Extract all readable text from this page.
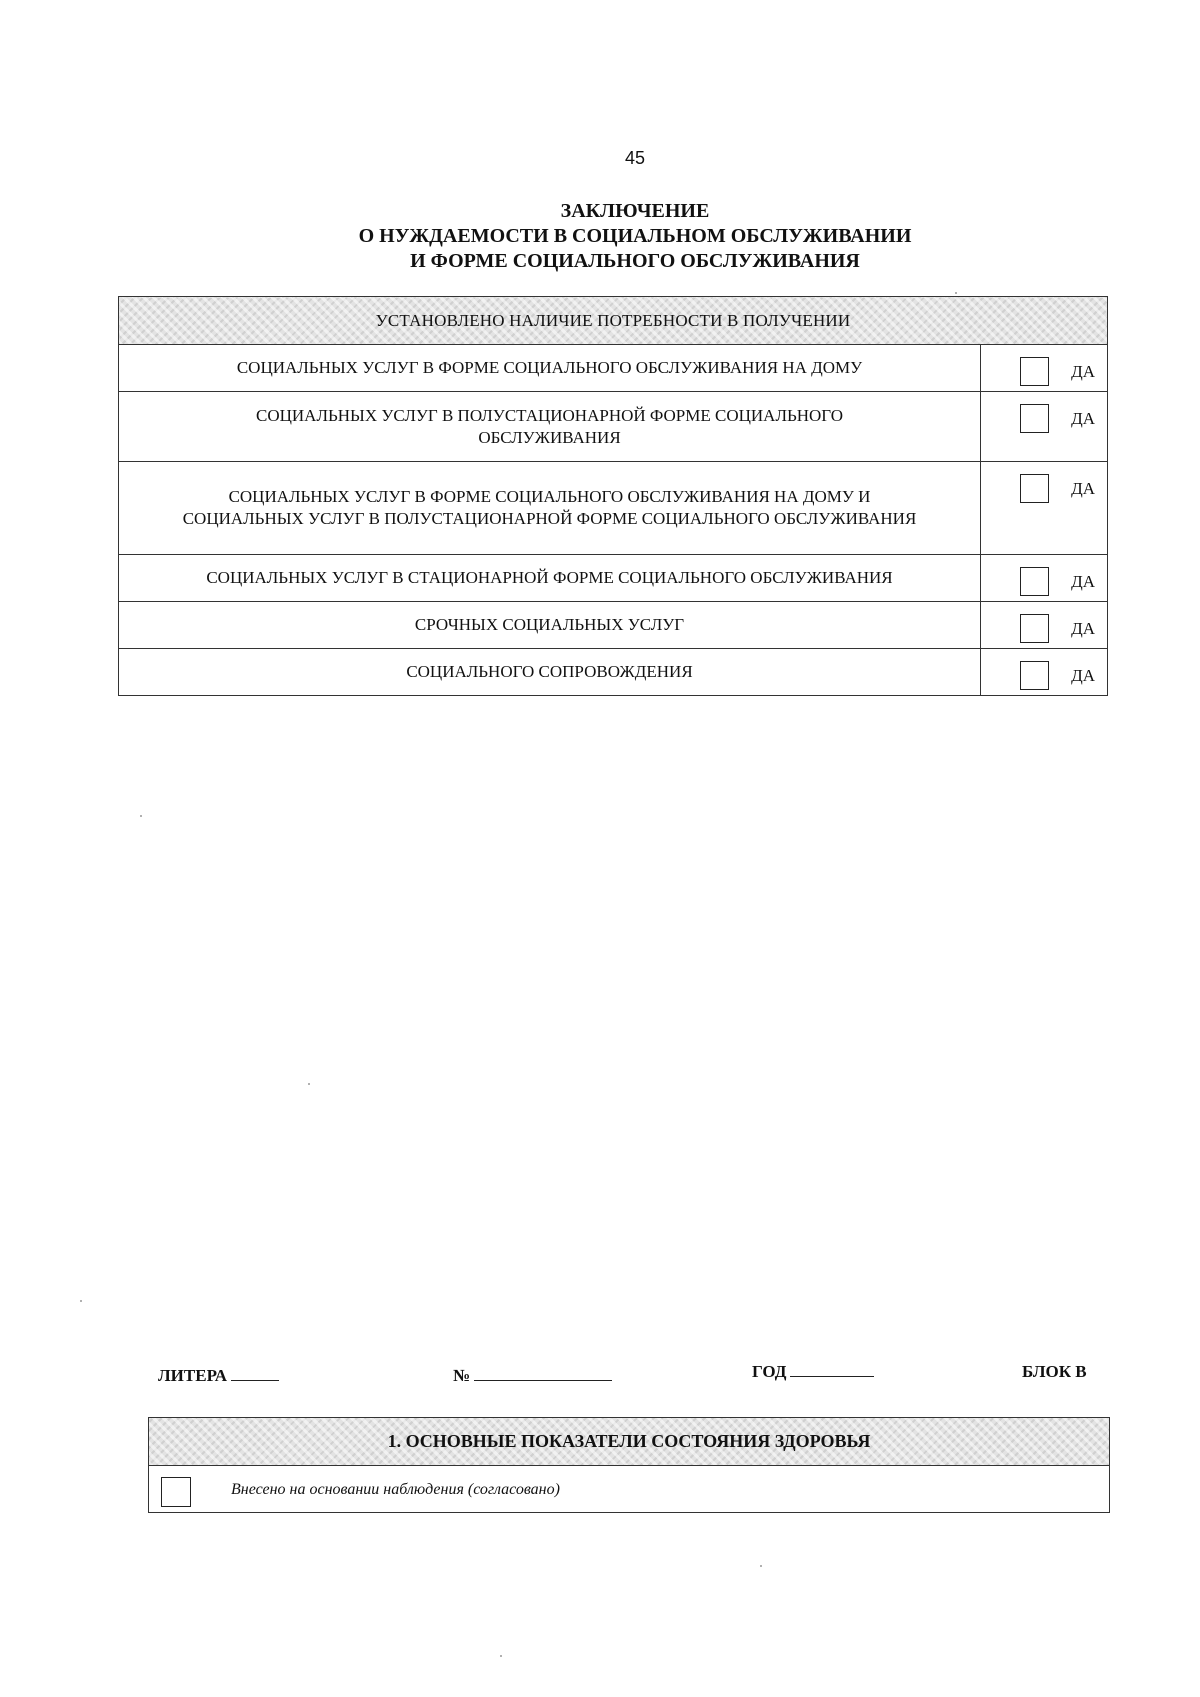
45
ЗАКЛЮЧЕНИЕ
О НУЖДАЕМОСТИ В СОЦИАЛЬНОМ ОБСЛУЖИВАНИИ
И ФОРМЕ СОЦИАЛЬНОГО ОБСЛУЖИВАНИЯ
УСТАНОВЛЕНО НАЛИЧИЕ ПОТРЕБНОСТИ В ПОЛУЧЕНИИ	
СОЦИАЛЬНЫХ УСЛУГ В ФОРМЕ СОЦИАЛЬНОГО ОБСЛУЖИВАНИЯ НА ДОМУ	ДА

СОЦИАЛЬНЫХ УСЛУГ В ПОЛУСТАЦИОНАРНОЙ ФОРМЕ СОЦИАЛЬНОГО ОБСЛУЖИВАНИЯ	ДА

СОЦИАЛЬНЫХ УСЛУГ В ФОРМЕ СОЦИАЛЬНОГО ОБСЛУЖИВАНИЯ НА ДОМУ И СОЦИАЛЬНЫХ УСЛУГ В ПОЛУСТАЦИОНАРНОЙ ФОРМЕ СОЦИАЛЬНОГО ОБСЛУЖИВАНИЯ	ДА

СОЦИАЛЬНЫХ УСЛУГ В СТАЦИОНАРНОЙ ФОРМЕ СОЦИАЛЬНОГО ОБСЛУЖИВАНИЯ	ДА

СРОЧНЫХ СОЦИАЛЬНЫХ УСЛУГ	ДА

СОЦИАЛЬНОГО СОПРОВОЖДЕНИЯ	ДА
ЛИТЕРА	№	ГОД	БЛОК В
1. ОСНОВНЫЕ ПОКАЗАТЕЛИ СОСТОЯНИЯ ЗДОРОВЬЯ
Внесено на основании наблюдения (согласовано)
